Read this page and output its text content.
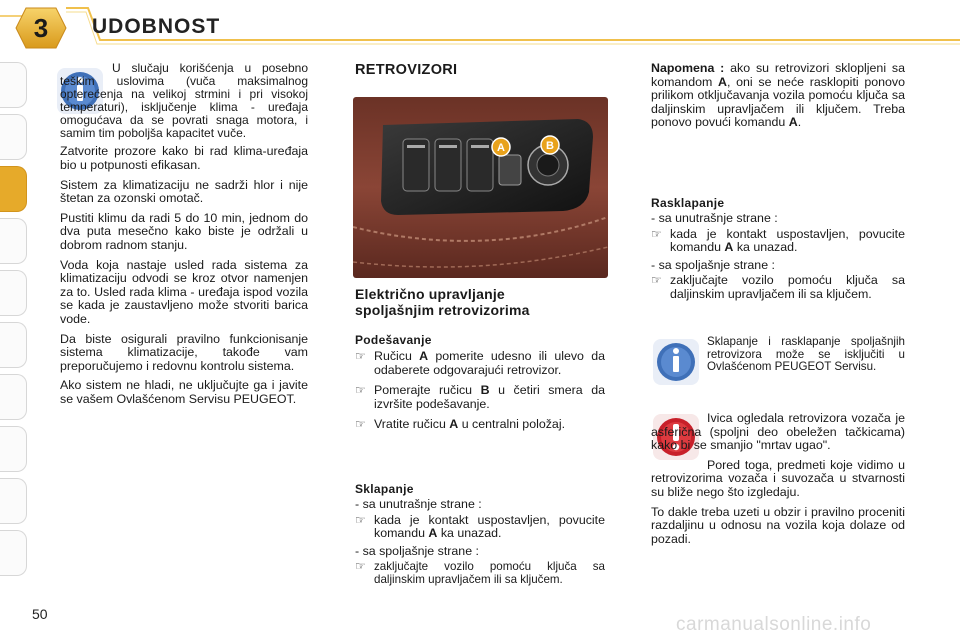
3	UDOBNOST

U slučaju korišćenja u posebno teškim uslovima (vuča maksimalnog opterećenja na velikoj strmini i pri visokoj temperaturi), isključenje klima - uređaja omogućava da se povrati snaga motora, i samim tim poboljša kapacitet vuče.

Zatvorite prozore kako bi rad klima-uređaja bio u potpunosti efikasan.

Sistem za klimatizaciju ne sadrži hlor i nije štetan za ozonski omotač.

Pustiti klimu da radi 5 do 10 min, jednom do dva puta mesečno kako biste je održali u dobrom radnom stanju.

Voda koja nastaje usled rada sistema za klimatizaciju odvodi se kroz otvor namenjen za to. Usled rada klima - uređaja ispod vozila se kada je zaustavljeno može stvoriti barica vode.

Da biste osigurali pravilno funkcionisanje sistema klimatizacije, takođe vam preporučujemo i redovnu kontrolu sistema.

Ako sistem ne hladi, ne uključujte ga i javite se vašem Ovlašćenom Servisu PEUGEOT.

RETROVIZORI
A	B
Električno upravljanje
spoljašnjim retrovizorima
Podešavanje
☞ Ručicu A pomerite udesno ili ulevo da odaberete odgovarajući retrovizor.
☞ Pomerajte ručicu B u četiri smera da izvršite podešavanje.
☞ Vratite ručicu A u centralni položaj.
Sklapanje
- sa unutrašnje strane :
☞ kada je kontakt uspostavljen, povucite komandu A ka unazad.
- sa spoljašnje strane :
☞ zaključajte vozilo pomoću ključa sa daljinskim upravljačem ili sa ključem.

Napomena : ako su retrovizori sklopljeni sa komandom A, oni se neće rasklopiti ponovo prilikom otključavanja vozila pomoću ključa sa daljinskim upravljačem ili ključem. Treba ponovo povući komandu A.

Rasklapanje
- sa unutrašnje strane :
☞ kada je kontakt uspostavljen, povucite komandu A ka unazad.
- sa spoljašnje strane :
☞ zaključajte vozilo pomoću ključa sa daljinskim upravljačem ili sa ključem.
Sklapanje i rasklapanje spoljašnjih retrovizora može se isključiti u Ovlašćenom PEUGEOT Servisu.

Ivica ogledala retrovizora vozača je asferična (spoljni deo obeležen tačkicama) kako bi se smanjio "mrtav ugao".

Pored toga, predmeti koje vidimo u retrovizorima vozača i suvozača u stvarnosti su bliže nego što izgledaju.

To dakle treba uzeti u obzir i pravilno proceniti razdaljinu u odnosu na vozila koja dolaze od pozadi.

50	carmanualsonline.info
